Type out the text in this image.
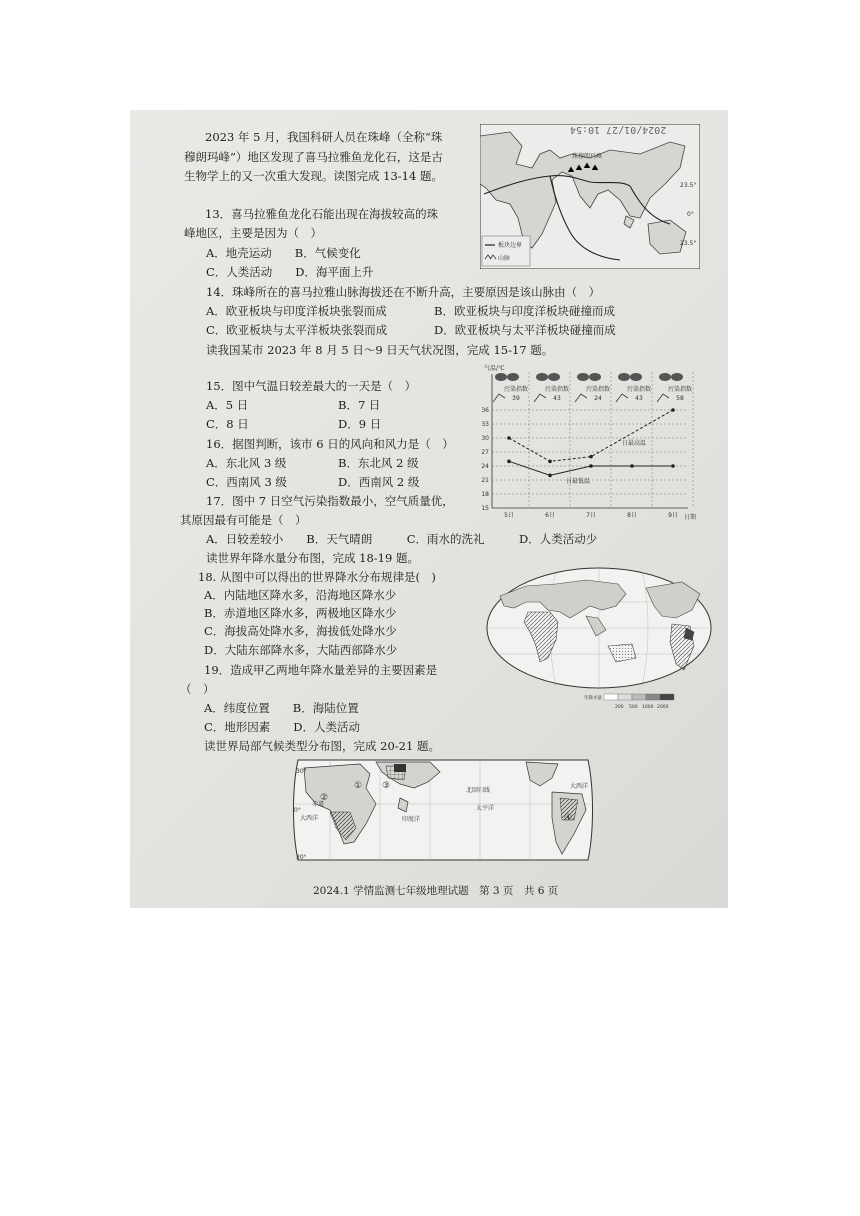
2023 年 5 月，我国科研人员在珠峰（全称“珠
穆朗玛峰”）地区发现了喜马拉雅鱼龙化石，这是古
生物学上的又一次重大发现。读图完成 13-14 题。
13．喜马拉雅鱼龙化石能出现在海拔较高的珠
峰地区，主要是因为（　）
A．地壳运动　　B．气候变化
C．人类活动　　D．海平面上升
14．珠峰所在的喜马拉雅山脉海拔还在不断升高，主要原因是该山脉由（　）
A．欧亚板块与印度洋板块张裂而成	B．欧亚板块与印度洋板块碰撞而成
C．欧亚板块与太平洋板块张裂而成	D．欧亚板块与太平洋板块碰撞而成
读我国某市 2023 年 8 月 5 日～9 日天气状况图，完成 15-17 题。
15．图中气温日较差最大的一天是（　）
A．5 日	B．7 日
C．8 日	D．9 日
16．据图判断，该市 6 日的风向和风力是（　）
A．东北风 3 级	B．东北风 2 级
C．西南风 3 级	D．西南风 2 级
17．图中 7 日空气污染指数最小，空气质量优，
其原因最有可能是（　）
A．日较差较小　　B．天气晴朗　　　C．雨水的洗礼　　　D．人类活动少
读世界年降水量分布图，完成 18-19 题。
18. 从图中可以得出的世界降水分布规律是(　)
A．内陆地区降水多，沿海地区降水少
B．赤道地区降水多，两极地区降水少
C．海拔高处降水多，海拔低处降水少
D．大陆东部降水多，大陆西部降水少
19．造成甲乙两地年降水量差异的主要因素是
（　）
A．纬度位置　　B．海陆位置
C．地形因素　　D．人类活动
读世界局部气候类型分布图，完成 20-21 题。
2024.1 学情监测七年级地理试题　第 3 页　共 6 页
珠穆朗玛峰
23.5°
0°
23.5°
板块边界
山脉
2024/01/27 10:54
气温/℃
日期
15
18
21
24
27
30
33
36
5日	6日	7日	8日	9日
污染指数
39
污染指数
43
污染指数
24
污染指数
43
污染指数
58
日最高温
日最低温
年降水量
200 500 1000 2000
30°
0°
30°
赤道
大西洋	印度洋
北回归线
太平洋
大西洋
① ③
②
④
